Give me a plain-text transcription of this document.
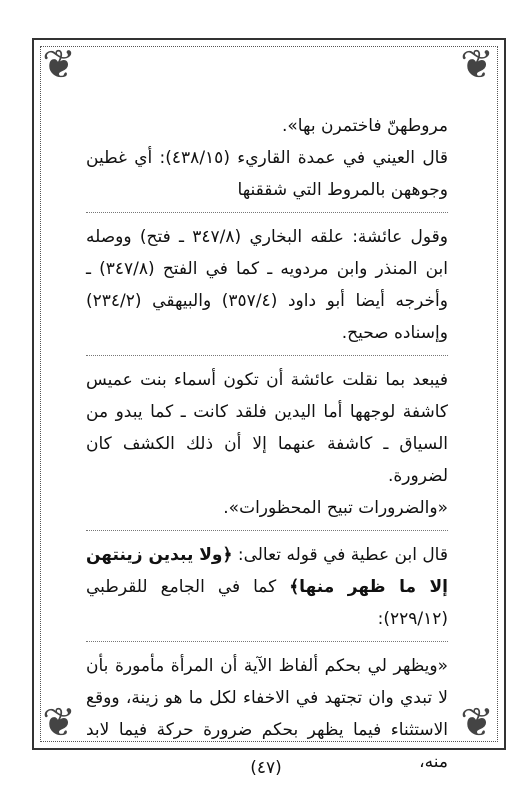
❦	❦
❦	❦

مروطهنّ فاختمرن بها».

قال العيني في عمدة القاريء (٤٣٨/١٥): أي غطين وجوههن بالمروط التي شققنها

وقول عائشة: علقه البخاري (٣٤٧/٨ ـ فتح) ووصله ابن المنذر وابن مردويه ـ كما في الفتح (٣٤٧/٨) ـ وأخرجه أيضا أبو داود (٣٥٧/٤) والبيهقي (٢٣٤/٢) وإسناده صحيح.

فيبعد بما نقلت عائشة أن تكون أسماء بنت عميس كاشفة لوجهها أما اليدين فلقد كانت ـ كما يبدو من السياق ـ كاشفة عنهما إلا أن ذلك الكشف كان لضرورة.

«والضرورات تبيح المحظورات».

قال ابن عطية في قوله تعالى: ﴿ولا يبدين زينتهن إلا ما ظهر منها﴾ كما في الجامع للقرطبي (٢٢٩/١٢):

«ويظهر لي بحكم ألفاظ الآية أن المرأة مأمورة بأن لا تبدي وان تجتهد في الاخفاء لكل ما هو زينة، ووقع الاستثناء فيما يظهر بحكم ضرورة حركة فيما لابد منه،

(٤٧)
